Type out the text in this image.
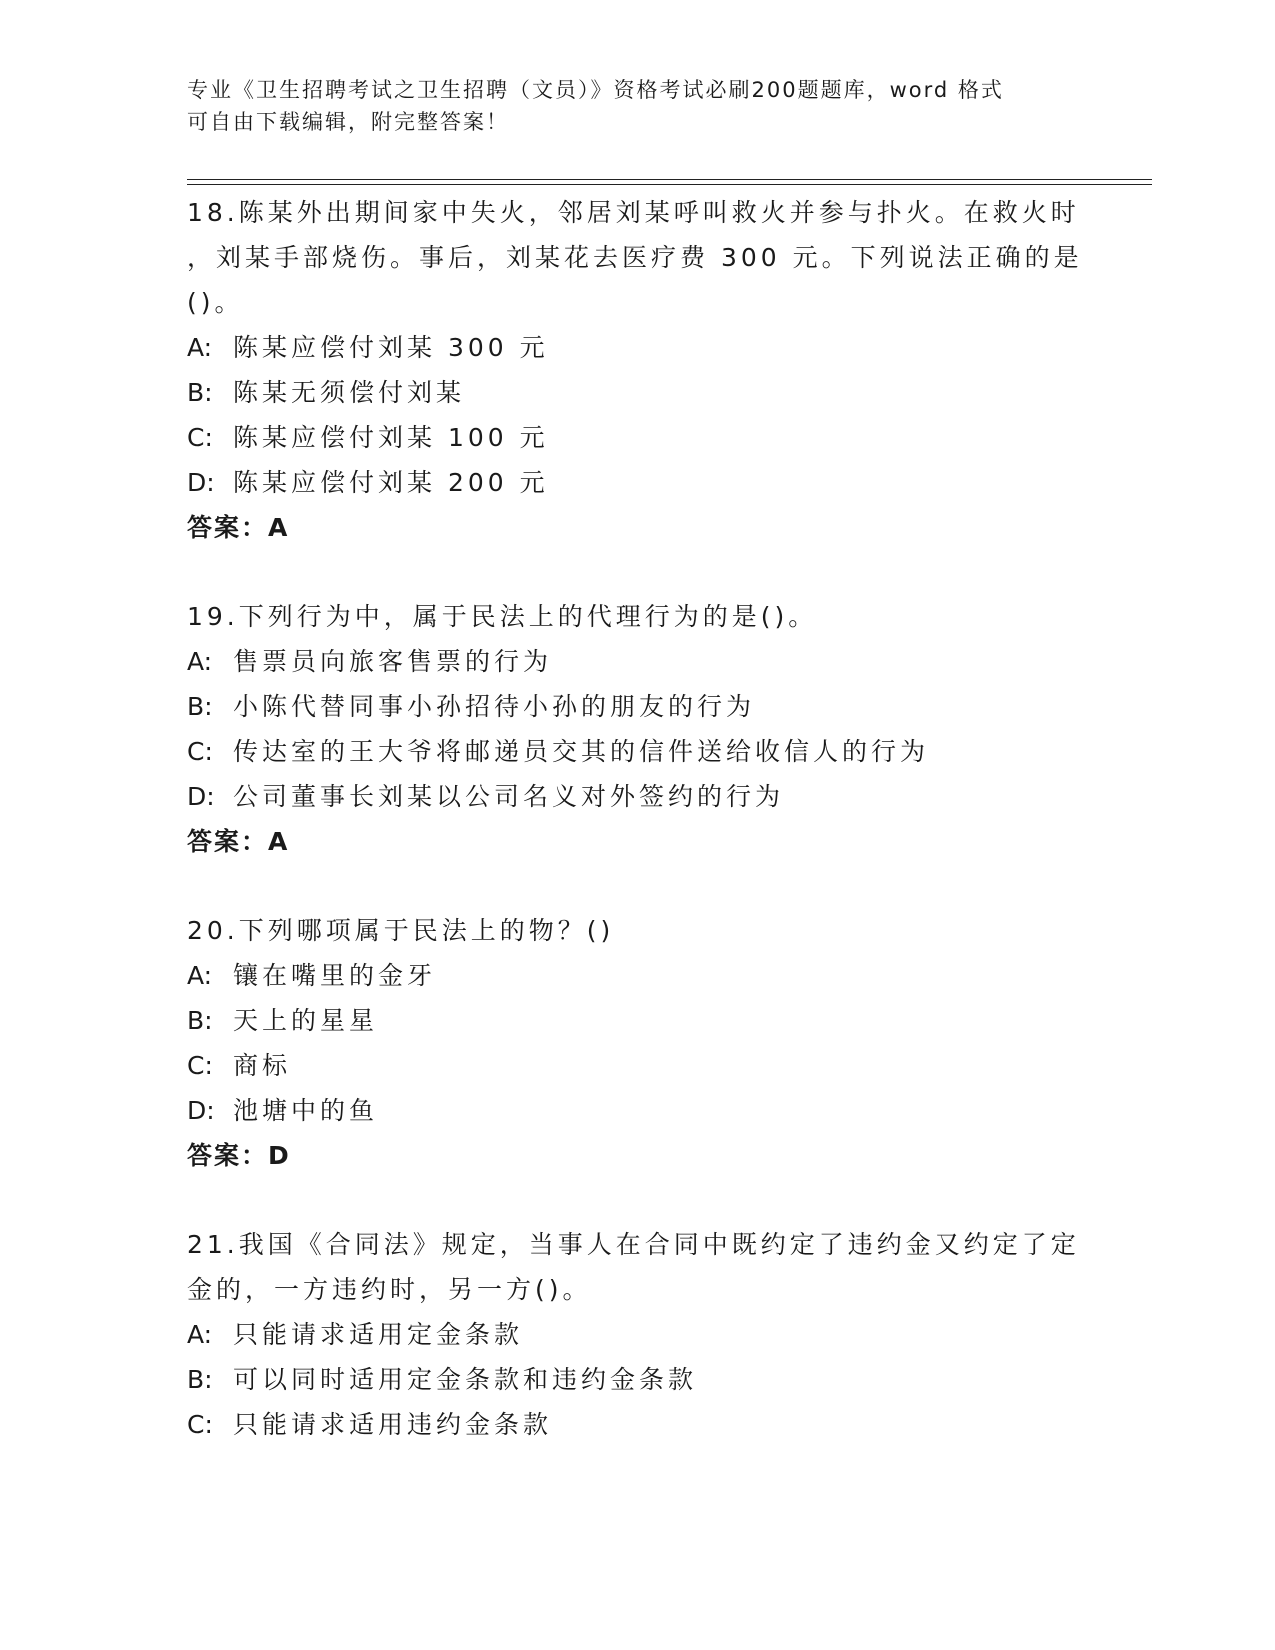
专业《卫生招聘考试之卫生招聘（文员）》资格考试必刷200题题库，word 格式
可自由下载编辑，附完整答案！
18.陈某外出期间家中失火，邻居刘某呼叫救火并参与扑火。在救火时
，刘某手部烧伤。事后，刘某花去医疗费 300 元。下列说法正确的是
()。
A: 陈某应偿付刘某 300 元
B: 陈某无须偿付刘某
C: 陈某应偿付刘某 100 元
D: 陈某应偿付刘某 200 元
答案：A
19.下列行为中，属于民法上的代理行为的是()。
A: 售票员向旅客售票的行为
B: 小陈代替同事小孙招待小孙的朋友的行为
C: 传达室的王大爷将邮递员交其的信件送给收信人的行为
D: 公司董事长刘某以公司名义对外签约的行为
答案：A
20.下列哪项属于民法上的物？()
A: 镶在嘴里的金牙
B: 天上的星星
C: 商标
D: 池塘中的鱼
答案：D
21.我国《合同法》规定，当事人在合同中既约定了违约金又约定了定
金的，一方违约时，另一方()。
A: 只能请求适用定金条款
B: 可以同时适用定金条款和违约金条款
C: 只能请求适用违约金条款
